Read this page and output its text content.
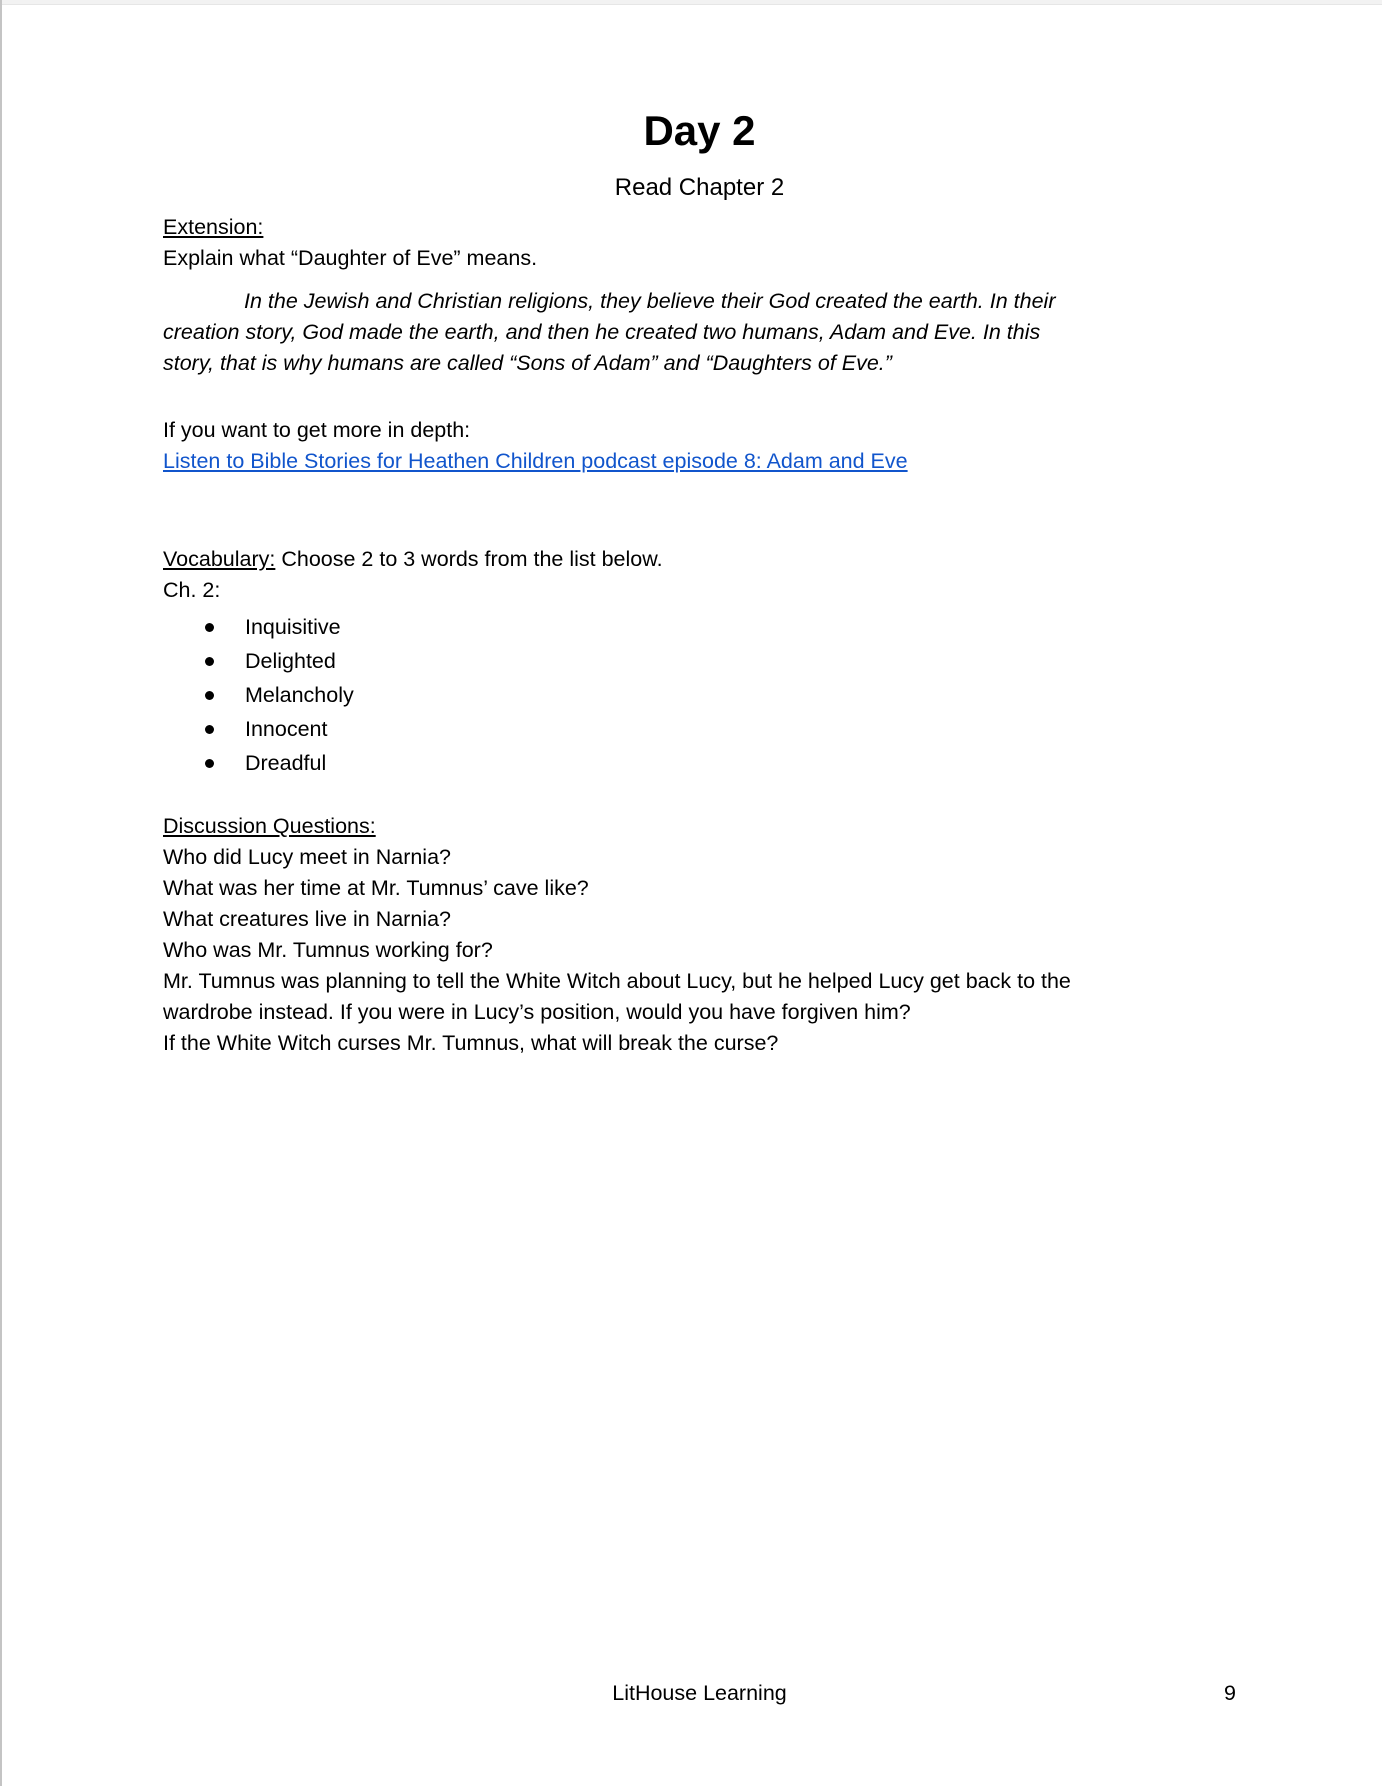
Day 2
Read Chapter 2
Extension:
Explain what “Daughter of Eve” means.
In the Jewish and Christian religions, they believe their God created the earth. In their
creation story, God made the earth, and then he created two humans, Adam and Eve. In this
story, that is why humans are called “Sons of Adam” and “Daughters of Eve.”
If you want to get more in depth:
Listen to Bible Stories for Heathen Children podcast episode 8: Adam and Eve
Vocabulary: Choose 2 to 3 words from the list below.
Ch. 2:
Inquisitive
Delighted
Melancholy
Innocent
Dreadful
Discussion Questions:
Who did Lucy meet in Narnia?
What was her time at Mr. Tumnus’ cave like?
What creatures live in Narnia?
Who was Mr. Tumnus working for?
Mr. Tumnus was planning to tell the White Witch about Lucy, but he helped Lucy get back to the
wardrobe instead. If you were in Lucy’s position, would you have forgiven him?
If the White Witch curses Mr. Tumnus, what will break the curse?
LitHouse Learning	9
